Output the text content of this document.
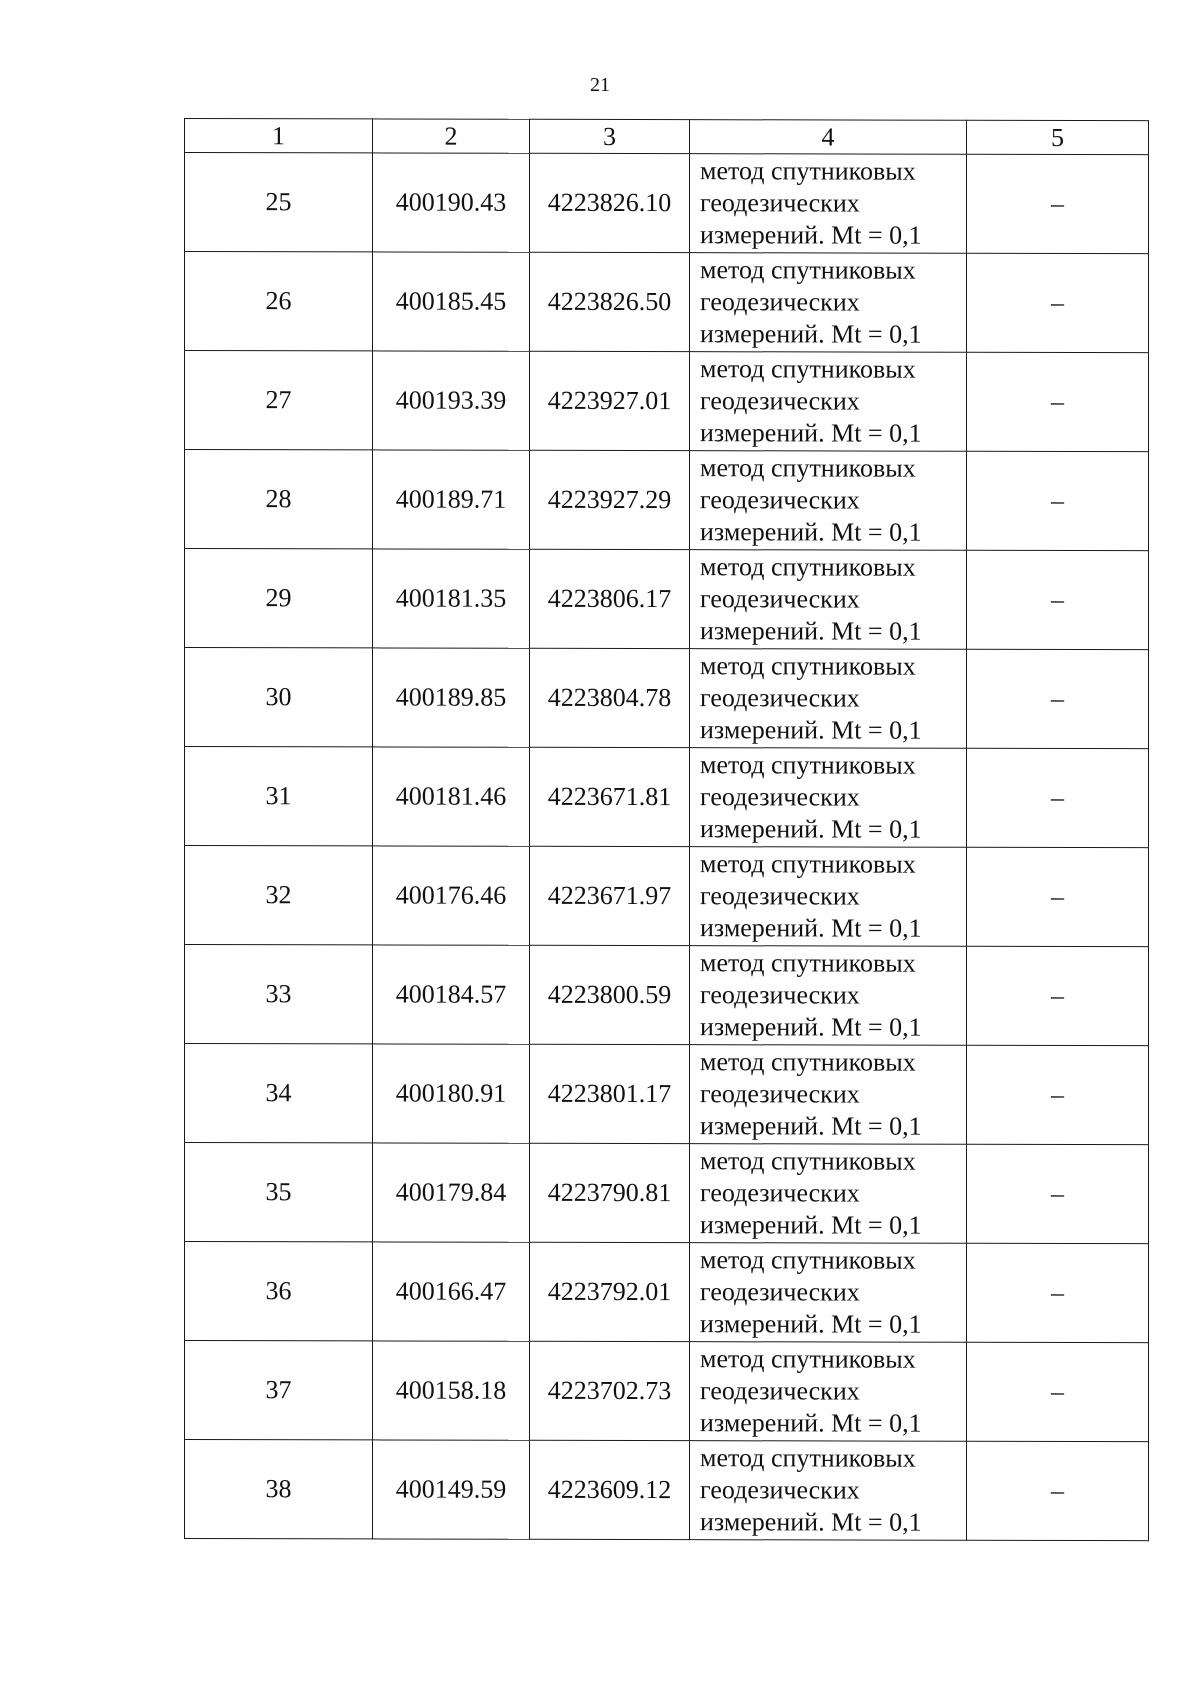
21
1	2	3	4	5
25	400190.43	4223826.10	метод спутниковых
геодезических
измерений. Mt = 0,1	–
26	400185.45	4223826.50	метод спутниковых
геодезических
измерений. Mt = 0,1	–
27	400193.39	4223927.01	метод спутниковых
геодезических
измерений. Mt = 0,1	–
28	400189.71	4223927.29	метод спутниковых
геодезических
измерений. Mt = 0,1	–
29	400181.35	4223806.17	метод спутниковых
геодезических
измерений. Mt = 0,1	–
30	400189.85	4223804.78	метод спутниковых
геодезических
измерений. Mt = 0,1	–
31	400181.46	4223671.81	метод спутниковых
геодезических
измерений. Mt = 0,1	–
32	400176.46	4223671.97	метод спутниковых
геодезических
измерений. Mt = 0,1	–
33	400184.57	4223800.59	метод спутниковых
геодезических
измерений. Mt = 0,1	–
34	400180.91	4223801.17	метод спутниковых
геодезических
измерений. Mt = 0,1	–
35	400179.84	4223790.81	метод спутниковых
геодезических
измерений. Mt = 0,1	–
36	400166.47	4223792.01	метод спутниковых
геодезических
измерений. Mt = 0,1	–
37	400158.18	4223702.73	метод спутниковых
геодезических
измерений. Mt = 0,1	–
38	400149.59	4223609.12	метод спутниковых
геодезических
измерений. Mt = 0,1	–
